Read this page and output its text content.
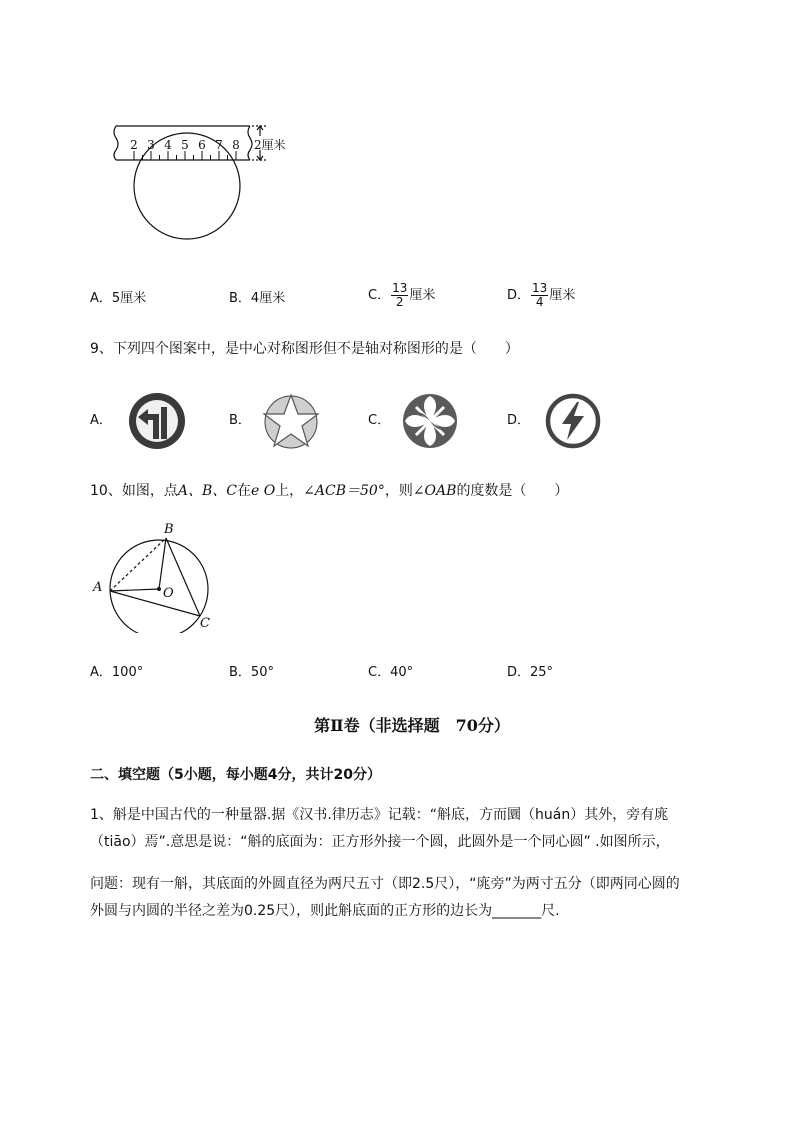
2 3 4 5 6 7 8 2厘米
A． 5厘米	B． 4厘米	C． $\frac{13}{2}$ 厘米	D． $\frac{13}{4}$ 厘米
9、下列四个图案中，是中心对称图形但不是轴对称图形的是（　　）
A．	B．	C．	D．
10、如图，点A、B、C在e O上，∠ACB＝50°，则∠OAB的度数是（　　）
A
B
C
O
A． 100°	B． 50°	C． 40°	D． 25°
第Ⅱ卷（非选择题　70分）
二、填空题（5小题，每小题4分，共计20分）
1、斛是中国古代的一种量器.据《汉书.律历志》记载：“斛底，方而圜（huán）其外，旁有庣
（tiāo）焉”.意思是说：“斛的底面为：正方形外接一个圆，此圆外是一个同心圆” .如图所示，
问题：现有一斛，其底面的外圆直径为两尺五寸（即2.5尺），“庣旁”为两寸五分（即两同心圆的
外圆与内圆的半径之差为0.25尺），则此斛底面的正方形的边长为_______尺.
